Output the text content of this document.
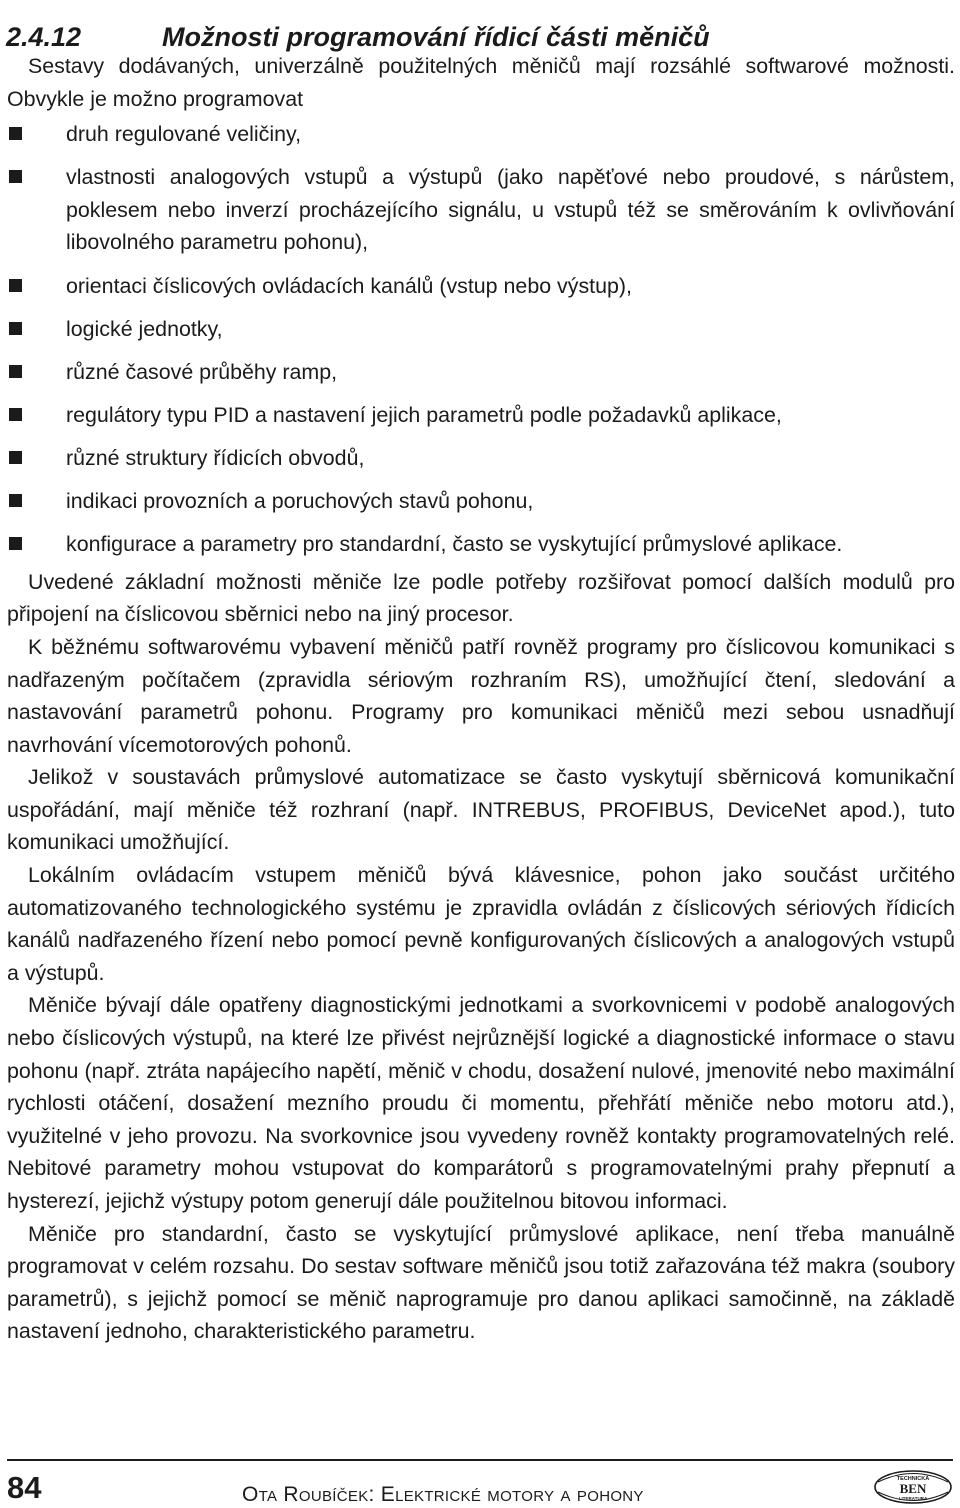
2.4.12	Možnosti programování řídicí části měničů

Sestavy dodávaných, univerzálně použitelných měničů mají rozsáhlé softwarové možnosti. Obvykle je možno programovat

druh regulované veličiny,
vlastnosti analogových vstupů a výstupů (jako napěťové nebo proudové, s nárůstem, poklesem nebo inverzí procházejícího signálu, u vstupů též se směrováním k ovlivňování libovolného parametru pohonu),
orientaci číslicových ovládacích kanálů (vstup nebo výstup),
logické jednotky,
různé časové průběhy ramp,
regulátory typu PID a nastavení jejich parametrů podle požadavků aplikace,
různé struktury řídicích obvodů,
indikaci provozních a poruchových stavů pohonu,
konfigurace a parametry pro standardní, často se vyskytující průmyslové aplikace.

Uvedené základní možnosti měniče lze podle potřeby rozšiřovat pomocí dalších modulů pro připojení na číslicovou sběrnici nebo na jiný procesor.

K běžnému softwarovému vybavení měničů patří rovněž programy pro číslicovou komunikaci s nadřazeným počítačem (zpravidla sériovým rozhraním RS), umožňující čtení, sledování a nastavování parametrů pohonu. Programy pro komunikaci měničů mezi sebou usnadňují navrhování vícemotorových pohonů.

Jelikož v soustavách průmyslové automatizace se často vyskytují sběrnicová komunikační uspořádání, mají měniče též rozhraní (např. INTREBUS, PROFIBUS, DeviceNet apod.), tuto komunikaci umožňující.

Lokálním ovládacím vstupem měničů bývá klávesnice, pohon jako součást určitého automatizovaného technologického systému je zpravidla ovládán z číslicových sériových řídicích kanálů nadřazeného řízení nebo pomocí pevně konfigurovaných číslicových a analogových vstupů a výstupů.

Měniče bývají dále opatřeny diagnostickými jednotkami a svorkovnicemi v podobě analogových nebo číslicových výstupů, na které lze přivést nejrůznější logické a diagnostické informace o stavu pohonu (např. ztráta napájecího napětí, měnič v chodu, dosažení nulové, jmenovité nebo maximální rychlosti otáčení, dosažení mezního proudu či momentu, přehřátí měniče nebo motoru atd.), využitelné v jeho provozu. Na svorkovnice jsou vyvedeny rovněž kontakty programovatelných relé. Nebitové parametry mohou vstupovat do komparátorů s programovatelnými prahy přepnutí a hysterezí, jejichž výstupy potom generují dále použitelnou bitovou informaci.

Měniče pro standardní, často se vyskytující průmyslové aplikace, není třeba manuálně programovat v celém rozsahu. Do sestav software měničů jsou totiž zařazována též makra (soubory parametrů), s jejichž pomocí se měnič naprogramuje pro danou aplikaci samočinně, na základě nastavení jednoho, charakteristického parametru.

84	Ota Roubíček: Elektrické motory a pohony
TECHNICKÁ
BEN
LITERATURA
